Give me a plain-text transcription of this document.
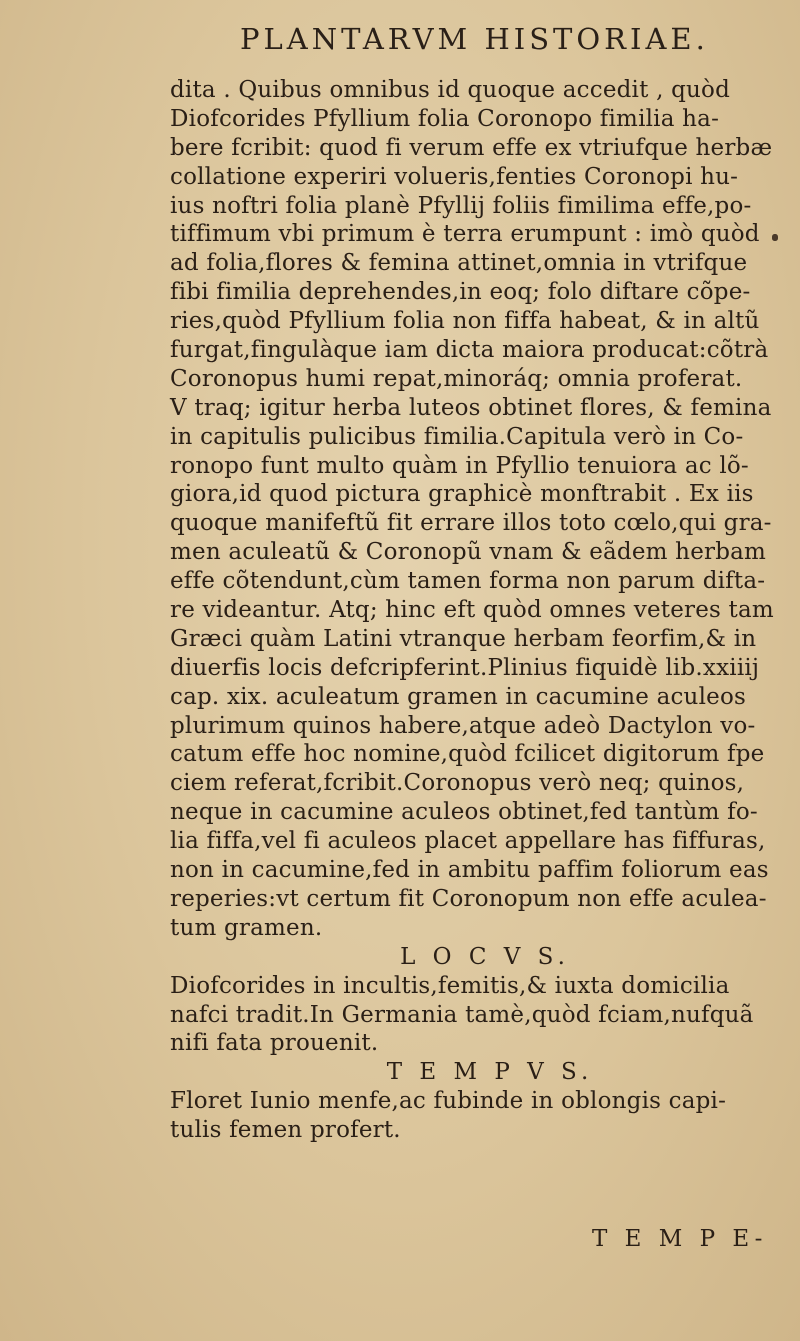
PLANTARVM HISTORIAE.
dita . Quibus omnibus id quoque accedit , quòd
Diofcorides Pfyllium folia Coronopo fimilia ha-
bere fcribit: quod fi verum effe ex vtriufque herbæ
collatione experiri volueris,fenties Coronopi hu-
ius noftri folia planè Pfyllij foliis fimilima effe,po-
tiffimum vbi primum è terra erumpunt : imò quòd
ad folia,flores & femina attinet,omnia in vtrifque
fibi fimilia deprehendes,in eoq; folo diftare cõpe-
ries,quòd Pfyllium folia non fiffa habeat, & in altũ
furgat,fingulàque iam dicta maiora producat:cõtrà
Coronopus humi repat,minoráq; omnia proferat.
V traq; igitur herba luteos obtinet flores, & femina
in capitulis pulicibus fimilia.Capitula verò in Co-
ronopo funt multo quàm in Pfyllio tenuiora ac lõ-
giora,id quod pictura graphicè monftrabit . Ex iis
quoque manifeftũ fit errare illos toto cœlo,qui gra-
men aculeatũ & Coronopũ vnam & eãdem herbam
effe cõtendunt,cùm tamen forma non parum difta-
re videantur. Atq; hinc eft quòd omnes veteres tam
Græci quàm Latini vtranque herbam feorfim,& in
diuerfis locis defcripferint.Plinius fiquidè lib.xxiiij
cap. xix. aculeatum gramen in cacumine aculeos
plurimum quinos habere,atque adeò Dactylon vo-
catum effe hoc nomine,quòd fcilicet digitorum fpe
ciem referat,fcribit.Coronopus verò neq; quinos,
neque in cacumine aculeos obtinet,fed tantùm fo-
lia fiffa,vel fi aculeos placet appellare has fiffuras,
non in cacumine,fed in ambitu paffim foliorum eas
reperies:vt certum fit Coronopum non effe aculea-
tum gramen.
L O C V S.
Diofcorides in incultis,femitis,& iuxta domicilia
nafci tradit.In Germania tamè,quòd fciam,nufquã
nifi fata prouenit.
T E M P V S.
Floret Iunio menfe,ac fubinde in oblongis capi-
tulis femen profert.
T E M P E-
